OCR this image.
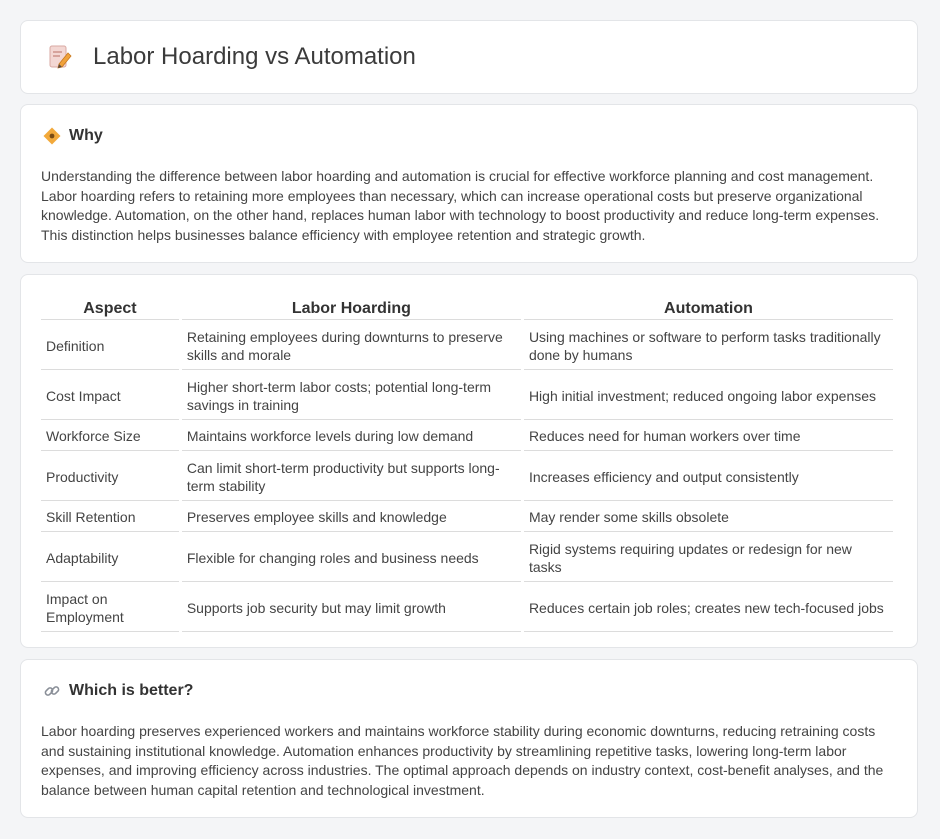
Labor Hoarding vs Automation
Why

Understanding the difference between labor hoarding and automation is crucial for effective workforce planning and cost management. Labor hoarding refers to retaining more employees than necessary, which can increase operational costs but preserve organizational knowledge. Automation, on the other hand, replaces human labor with technology to boost productivity and reduce long-term expenses. This distinction helps businesses balance efficiency with employee retention and strategic growth.

Aspect	Labor Hoarding	Automation
Definition	Retaining employees during downturns to preserve skills and morale	Using machines or software to perform tasks traditionally done by humans
Cost Impact	Higher short-term labor costs; potential long-term savings in training	High initial investment; reduced ongoing labor expenses
Workforce Size	Maintains workforce levels during low demand	Reduces need for human workers over time
Productivity	Can limit short-term productivity but supports long-term stability	Increases efficiency and output consistently
Skill Retention	Preserves employee skills and knowledge	May render some skills obsolete
Adaptability	Flexible for changing roles and business needs	Rigid systems requiring updates or redesign for new tasks
Impact on Employment	Supports job security but may limit growth	Reduces certain job roles; creates new tech-focused jobs
Which is better?

Labor hoarding preserves experienced workers and maintains workforce stability during economic downturns, reducing retraining costs and sustaining institutional knowledge. Automation enhances productivity by streamlining repetitive tasks, lowering long-term labor expenses, and improving efficiency across industries. The optimal approach depends on industry context, cost-benefit analyses, and the balance between human capital retention and technological investment.
